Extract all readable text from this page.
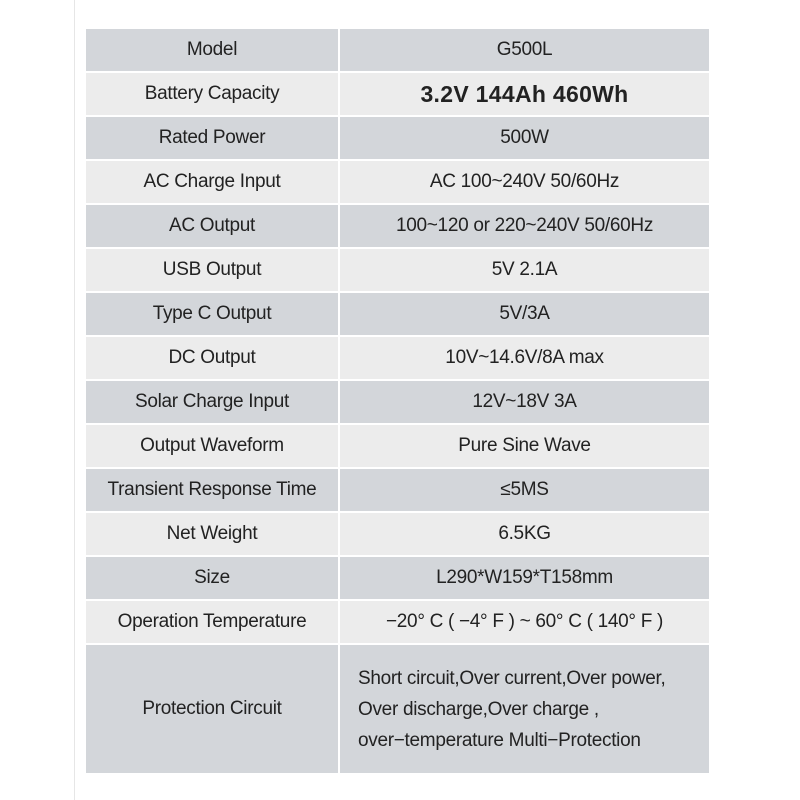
Model	G500L
Battery Capacity	3.2V 144Ah 460Wh
Rated Power	500W
AC Charge Input	AC 100~240V 50/60Hz
AC Output	100~120 or 220~240V 50/60Hz
USB Output	5V 2.1A
Type C Output	5V/3A
DC Output	10V~14.6V/8A max
Solar Charge Input	12V~18V 3A
Output Waveform	Pure Sine Wave
Transient Response Time	≤5MS
Net Weight	6.5KG
Size	L290*W159*T158mm
Operation Temperature	−20° C ( −4° F ) ~ 60° C ( 140° F )
Protection Circuit	Short circuit,Over current,Over power,
Over discharge,Over charge ,
over−temperature Multi−Protection
